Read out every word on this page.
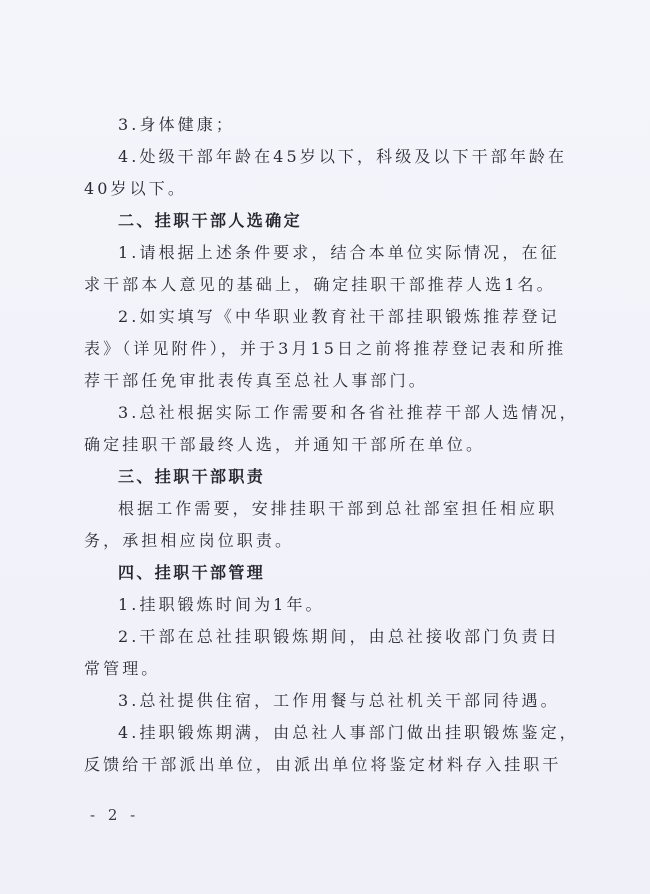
3.身体健康；
4.处级干部年龄在45岁以下，科级及以下干部年龄在
40岁以下。
二、挂职干部人选确定
1.请根据上述条件要求，结合本单位实际情况，在征
求干部本人意见的基础上，确定挂职干部推荐人选1名。
2.如实填写《中华职业教育社干部挂职锻炼推荐登记
表》（详见附件），并于3月15日之前将推荐登记表和所推
荐干部任免审批表传真至总社人事部门。
3.总社根据实际工作需要和各省社推荐干部人选情况，
确定挂职干部最终人选，并通知干部所在单位。
三、挂职干部职责
根据工作需要，安排挂职干部到总社部室担任相应职
务，承担相应岗位职责。
四、挂职干部管理
1.挂职锻炼时间为1年。
2.干部在总社挂职锻炼期间，由总社接收部门负责日
常管理。
3.总社提供住宿，工作用餐与总社机关干部同待遇。
4.挂职锻炼期满，由总社人事部门做出挂职锻炼鉴定，
反馈给干部派出单位，由派出单位将鉴定材料存入挂职干
- 2 -
